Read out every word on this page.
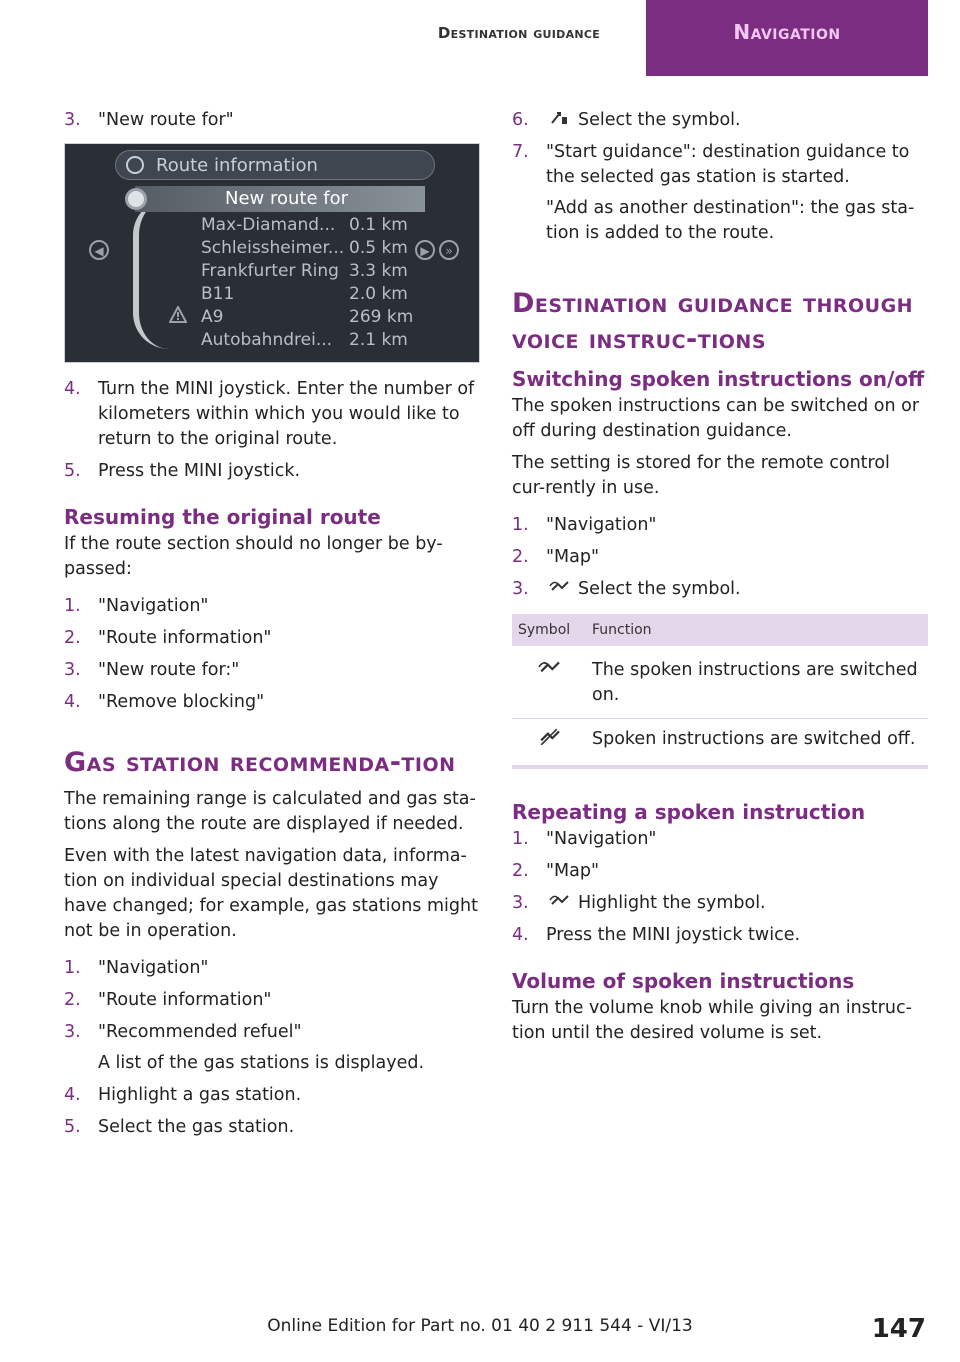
Destination guidance	Navigation
3. "New route for"
Route information
New route for
◀	▶	»
Max-Diamand... 0.1 km
Schleissheimer... 0.5 km
Frankfurter Ring 3.3 km
B11	2.0 km
A9	269 km
Autobahndrei... 2.1 km
4. Turn the MINI joystick. Enter the number of kilometers within which you would like to return to the original route.
5. Press the MINI joystick.
Resuming the original route

If the route section should no longer be by-passed:

1. "Navigation"
2. "Route information"
3. "New route for:"
4. "Remove blocking"
Gas station recommenda-tion

The remaining range is calculated and gas sta-tions along the route are displayed if needed.

Even with the latest navigation data, informa-tion on individual special destinations may have changed; for example, gas stations might not be in operation.

1. "Navigation"
2. "Route information"
3. "Recommended refuel"
A list of the gas stations is displayed.
4. Highlight a gas station.
5. Select the gas station.
6.	Select the symbol.
7. "Start guidance": destination guidance to the selected gas station is started.
"Add as another destination": the gas sta-tion is added to the route.
Destination guidance through voice instruc-tions
Switching spoken instructions on/off

The spoken instructions can be switched on or off during destination guidance.

The setting is stored for the remote control cur-rently in use.

1. "Navigation"
2. "Map"
3.	Select the symbol.
Symbol	Function
	The spoken instructions are switched on.
	Spoken instructions are switched off.
Repeating a spoken instruction
1. "Navigation"
2. "Map"
3.	Highlight the symbol.
4. Press the MINI joystick twice.
Volume of spoken instructions

Turn the volume knob while giving an instruc-tion until the desired volume is set.

Online Edition for Part no. 01 40 2 911 544 - VI/13	147
